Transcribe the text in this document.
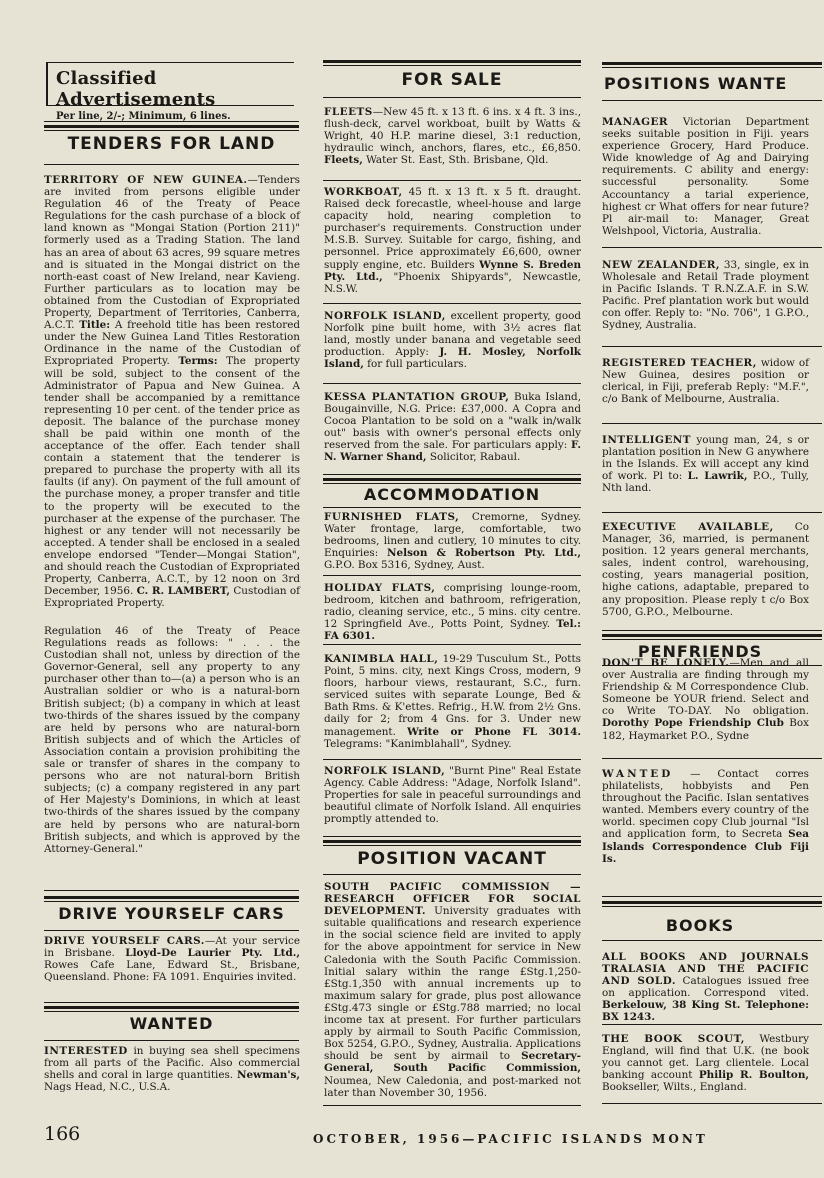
Classified Advertisements
Per line, 2/-; Minimum, 6 lines.
TENDERS FOR LAND
TERRITORY OF NEW GUINEA.—Tenders are invited from persons eligible under Regulation 46 of the Treaty of Peace Regulations for the cash purchase of a block of land known as "Mongai Station (Portion 211)" formerly used as a Trading Station. The land has an area of about 63 acres, 99 square metres and is situated in the Mongai district on the north-east coast of New Ireland, near Kavieng. Further particulars as to location may be obtained from the Custodian of Expropriated Property, Department of Territories, Canberra, A.C.T. Title: A freehold title has been restored under the New Guinea Land Titles Restoration Ordinance in the name of the Custodian of Expropriated Property. Terms: The property will be sold, subject to the consent of the Administrator of Papua and New Guinea. A tender shall be accompanied by a remittance representing 10 per cent. of the tender price as deposit. The balance of the purchase money shall be paid within one month of the acceptance of the offer. Each tender shall contain a statement that the tenderer is prepared to purchase the property with all its faults (if any). On payment of the full amount of the purchase money, a proper transfer and title to the property will be executed to the purchaser at the expense of the purchaser. The highest or any tender will not necessarily be accepted. A tender shall be enclosed in a sealed envelope endorsed "Tender—Mongai Station", and should reach the Custodian of Expropriated Property, Canberra, A.C.T., by 12 noon on 3rd December, 1956. C. R. LAMBERT, Custodian of Expropriated Property.
Regulation 46 of the Treaty of Peace Regulations reads as follows: " . . . the Custodian shall not, unless by direction of the Governor-General, sell any property to any purchaser other than to—(a) a person who is an Australian soldier or who is a natural-born British subject; (b) a company in which at least two-thirds of the shares issued by the company are held by persons who are natural-born British subjects and of which the Articles of Association contain a provision prohibiting the sale or transfer of shares in the company to persons who are not natural-born British subjects; (c) a company registered in any part of Her Majesty's Dominions, in which at least two-thirds of the shares issued by the company are held by persons who are natural-born British subjects, and which is approved by the Attorney-General."
DRIVE YOURSELF CARS
DRIVE YOURSELF CARS.—At your service in Brisbane. Lloyd-De Laurier Pty. Ltd., Rowes Cafe Lane, Edward St., Brisbane, Queensland. Phone: FA 1091. Enquiries invited.
WANTED
INTERESTED in buying sea shell specimens from all parts of the Pacific. Also commercial shells and coral in large quantities. Newman's, Nags Head, N.C., U.S.A.
FOR SALE
FLEETS—New 45 ft. x 13 ft. 6 ins. x 4 ft. 3 ins., flush-deck, carvel workboat, built by Watts & Wright, 40 H.P. marine diesel, 3:1 reduction, hydraulic winch, anchors, flares, etc., £6,850. Fleets, Water St. East, Sth. Brisbane, Qld.
WORKBOAT, 45 ft. x 13 ft. x 5 ft. draught. Raised deck forecastle, wheel-house and large capacity hold, nearing completion to purchaser's requirements. Construction under M.S.B. Survey. Suitable for cargo, fishing, and personnel. Price approximately £6,600, owner supply engine, etc. Builders Wynne S. Breden Pty. Ltd., "Phoenix Shipyards", Newcastle, N.S.W.
NORFOLK ISLAND, excellent property, good Norfolk pine built home, with 3½ acres flat land, mostly under banana and vegetable seed production. Apply: J. H. Mosley, Norfolk Island, for full particulars.
KESSA PLANTATION GROUP, Buka Island, Bougainville, N.G. Price: £37,000. A Copra and Cocoa Plantation to be sold on a "walk in/walk out" basis with owner's personal effects only reserved from the sale. For particulars apply: F. N. Warner Shand, Solicitor, Rabaul.
ACCOMMODATION
FURNISHED FLATS, Cremorne, Sydney. Water frontage, large, comfortable, two bedrooms, linen and cutlery, 10 minutes to city. Enquiries: Nelson & Robertson Pty. Ltd., G.P.O. Box 5316, Sydney, Aust.
HOLIDAY FLATS, comprising lounge-room, bedroom, kitchen and bathroom, refrigeration, radio, cleaning service, etc., 5 mins. city centre. 12 Springfield Ave., Potts Point, Sydney. Tel.: FA 6301.
KANIMBLA HALL, 19-29 Tusculum St., Potts Point, 5 mins. city, next Kings Cross, modern, 9 floors, harbour views, restaurant, S.C., furn. serviced suites with separate Lounge, Bed & Bath Rms. & K'ettes. Refrig., H.W. from 2½ Gns. daily for 2; from 4 Gns. for 3. Under new management. Write or Phone FL 3014. Telegrams: "Kanimblahall", Sydney.
NORFOLK ISLAND, "Burnt Pine" Real Estate Agency. Cable Address: "Adage, Norfolk Island". Properties for sale in peaceful surroundings and beautiful climate of Norfolk Island. All enquiries promptly attended to.
POSITION VACANT
SOUTH PACIFIC COMMISSION — RESEARCH OFFICER FOR SOCIAL DEVELOPMENT. University graduates with suitable qualifications and research experience in the social science field are invited to apply for the above appointment for service in New Caledonia with the South Pacific Commission. Initial salary within the range £Stg.1,250-£Stg.1,350 with annual increments up to maximum salary for grade, plus post allowance £Stg.473 single or £Stg.788 married; no local income tax at present. For further particulars apply by airmail to South Pacific Commission, Box 5254, G.P.O., Sydney, Australia. Applications should be sent by airmail to Secretary-General, South Pacific Commission, Noumea, New Caledonia, and post-marked not later than November 30, 1956.
POSITIONS WANTE
MANAGER Victorian Department seeks suitable position in Fiji. years experience Grocery, Hard Produce. Wide knowledge of Ag and Dairying requirements. C ability and energy: successful personality. Some Accountancy a tarial experience, highest cr What offers for near future? Pl air-mail to: Manager, Great Welshpool, Victoria, Australia.
NEW ZEALANDER, 33, single, ex in Wholesale and Retail Trade ployment in Pacific Islands. T R.N.Z.A.F. in S.W. Pacific. Pref plantation work but would con offer. Reply to: "No. 706", 1 G.P.O., Sydney, Australia.
REGISTERED TEACHER, widow of New Guinea, desires position or clerical, in Fiji, preferab Reply: "M.F.", c/o Bank of Melbourne, Australia.
INTELLIGENT young man, 24, s or plantation position in New G anywhere in the Islands. Ex will accept any kind of work. Pl to: L. Lawrik, P.O., Tully, Nth land.
EXECUTIVE AVAILABLE, Co Manager, 36, married, is permanent position. 12 years general merchants, sales, indent control, warehousing, costing, years managerial position, highe cations, adaptable, prepared to any proposition. Please reply t c/o Box 5700, G.P.O., Melbourne.
PENFRIENDS
DON'T BE LONELY.—Men and all over Australia are finding through my Friendship & M Correspondence Club. Someone be YOUR friend. Select and co Write TO-DAY. No obligation. Dorothy Pope Friendship Club Box 182, Haymarket P.O., Sydne
WANTED — Contact corres philatelists, hobbyists and Pen throughout the Pacific. Islan sentatives wanted. Members every country of the world. specimen copy Club journal "Isl and application form, to Secreta Sea Islands Correspondence Club Fiji Is.
BOOKS
ALL BOOKS AND JOURNALS TRALASIA AND THE PACIFIC AND SOLD. Catalogues issued free on application. Correspond vited. Berkelouw, 38 King St. Telephone: BX 1243.
THE BOOK SCOUT, Westbury England, will find that U.K. (ne book you cannot get. Larg clientele. Local banking account Philip R. Boulton, Bookseller, Wilts., England.
166	OCTOBER, 1956—PACIFIC ISLANDS MONT
